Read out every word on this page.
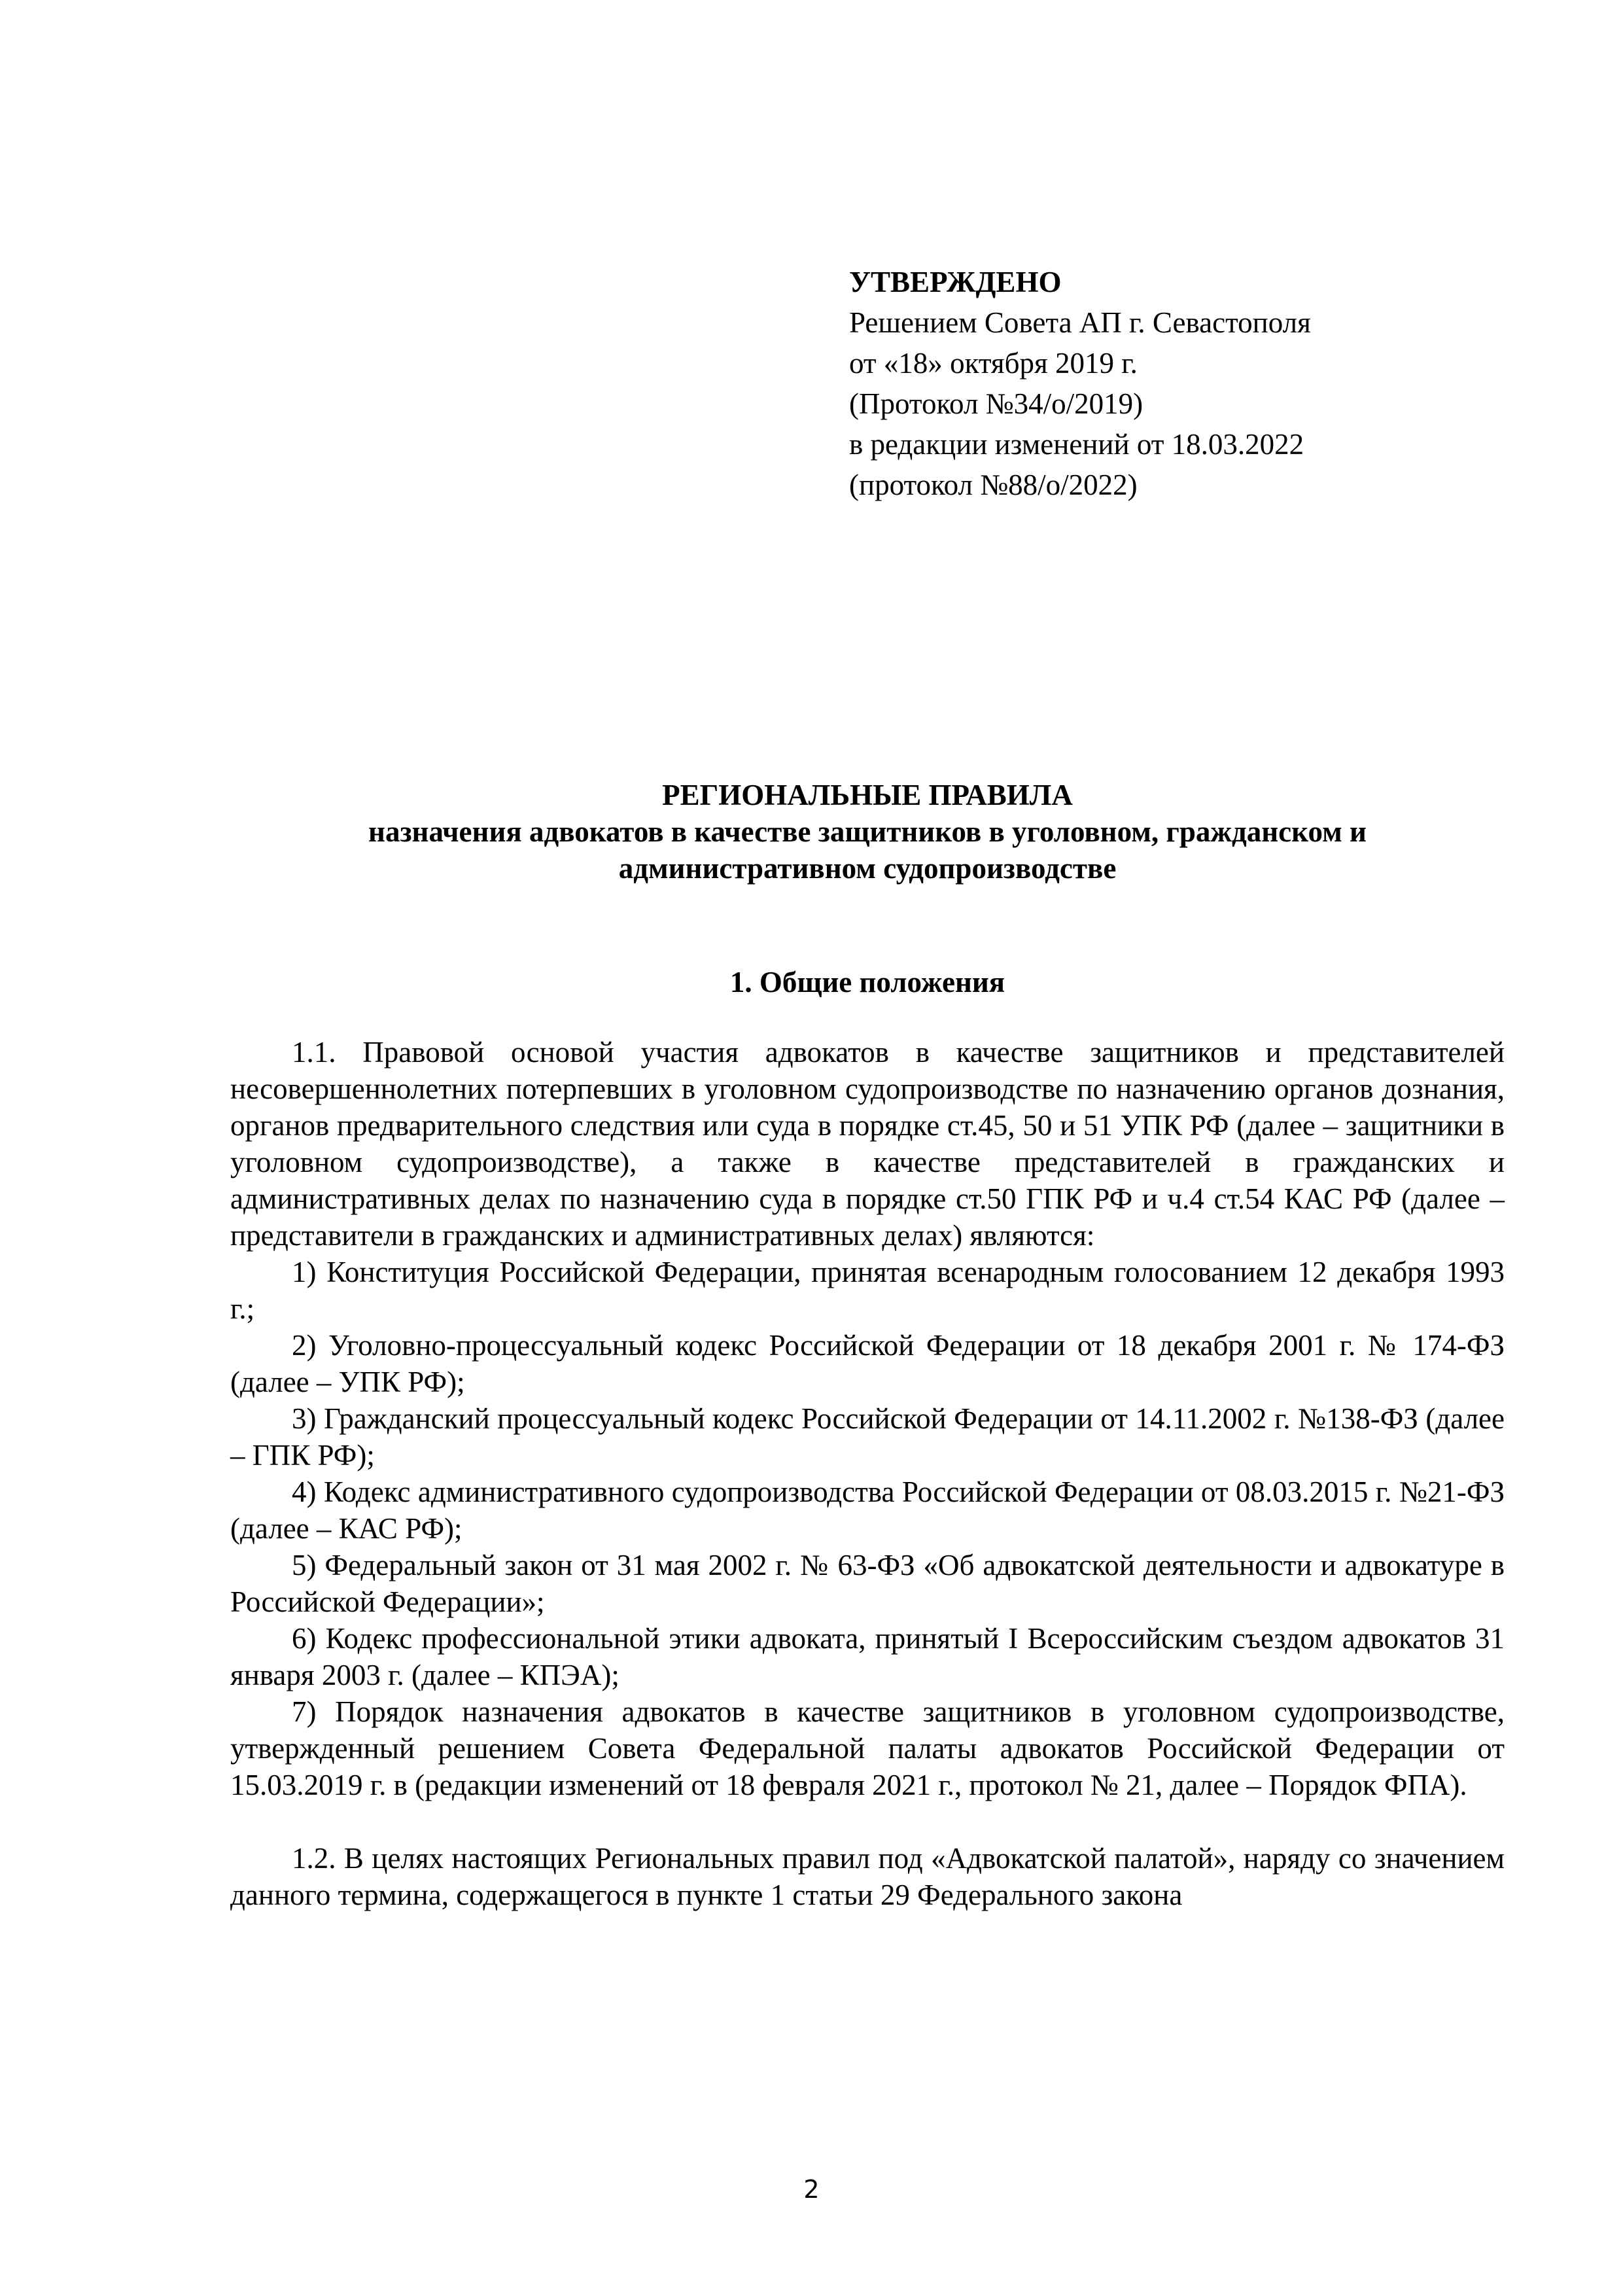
УТВЕРЖДЕНО
Решением Совета АП г. Севастополя
от «18» октября 2019 г.
(Протокол №34/о/2019)
в редакции изменений от 18.03.2022
(протокол №88/о/2022)
РЕГИОНАЛЬНЫЕ ПРАВИЛА
назначения адвокатов в качестве защитников в уголовном, гражданском и
административном судопроизводстве
1. Общие положения

1.1. Правовой основой участия адвокатов в качестве защитников и представителей несовершеннолетних потерпевших в уголовном судопроизводстве по назначению органов дознания, органов предварительного следствия или суда в порядке ст.45, 50 и 51 УПК РФ (далее – защитники в уголовном судопроизводстве), а также в качестве представителей в гражданских и административных делах по назначению суда в порядке ст.50 ГПК РФ и ч.4 ст.54 КАС РФ (далее – представители в гражданских и административных делах) являются:

1) Конституция Российской Федерации, принятая всенародным голосованием 12 декабря 1993 г.;

2) Уголовно-процессуальный кодекс Российской Федерации от 18 декабря 2001 г. № 174-ФЗ (далее – УПК РФ);

3) Гражданский процессуальный кодекс Российской Федерации от 14.11.2002 г. №138-ФЗ (далее – ГПК РФ);

4) Кодекс административного судопроизводства Российской Федерации от 08.03.2015 г. №21-ФЗ (далее – КАС РФ);

5) Федеральный закон от 31 мая 2002 г. № 63-ФЗ «Об адвокатской деятельности и адвокатуре в Российской Федерации»;

6) Кодекс профессиональной этики адвоката, принятый I Всероссийским съездом адвокатов 31 января 2003 г. (далее – КПЭА);

7) Порядок назначения адвокатов в качестве защитников в уголовном судопроизводстве, утвержденный решением Совета Федеральной палаты адвокатов Российской Федерации от 15.03.2019 г. в (редакции изменений от 18 февраля 2021 г., протокол № 21, далее – Порядок ФПА).

1.2. В целях настоящих Региональных правил под «Адвокатской палатой», наряду со значением данного термина, содержащегося в пункте 1 статьи 29 Федерального закона

2
